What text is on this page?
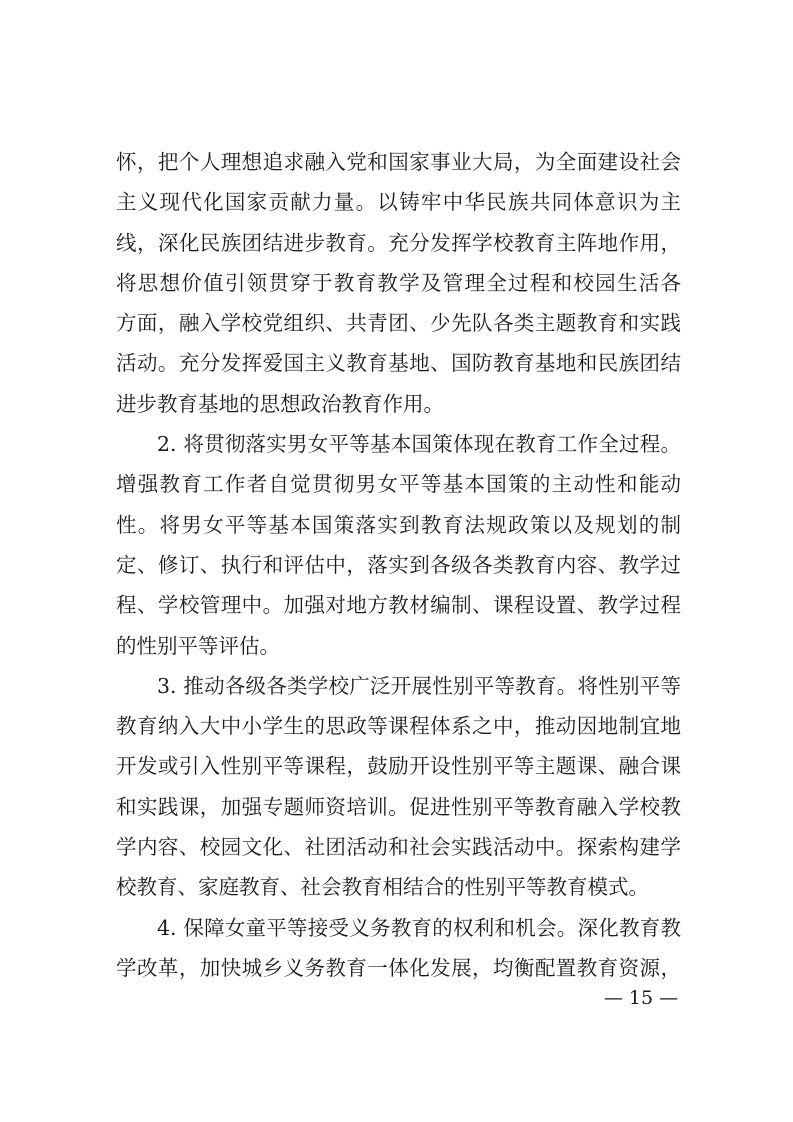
怀，把个人理想追求融入党和国家事业大局，为全面建设社会
主义现代化国家贡献力量。以铸牢中华民族共同体意识为主
线，深化民族团结进步教育。充分发挥学校教育主阵地作用，
将思想价值引领贯穿于教育教学及管理全过程和校园生活各
方面，融入学校党组织、共青团、少先队各类主题教育和实践
活动。充分发挥爱国主义教育基地、国防教育基地和民族团结
进步教育基地的思想政治教育作用。
2. 将贯彻落实男女平等基本国策体现在教育工作全过程。
增强教育工作者自觉贯彻男女平等基本国策的主动性和能动
性。将男女平等基本国策落实到教育法规政策以及规划的制
定、修订、执行和评估中，落实到各级各类教育内容、教学过
程、学校管理中。加强对地方教材编制、课程设置、教学过程
的性别平等评估。
3. 推动各级各类学校广泛开展性别平等教育。将性别平等
教育纳入大中小学生的思政等课程体系之中，推动因地制宜地
开发或引入性别平等课程，鼓励开设性别平等主题课、融合课
和实践课，加强专题师资培训。促进性别平等教育融入学校教
学内容、校园文化、社团活动和社会实践活动中。探索构建学
校教育、家庭教育、社会教育相结合的性别平等教育模式。
4. 保障女童平等接受义务教育的权利和机会。深化教育教
学改革，加快城乡义务教育一体化发展，均衡配置教育资源，
— 15 —
